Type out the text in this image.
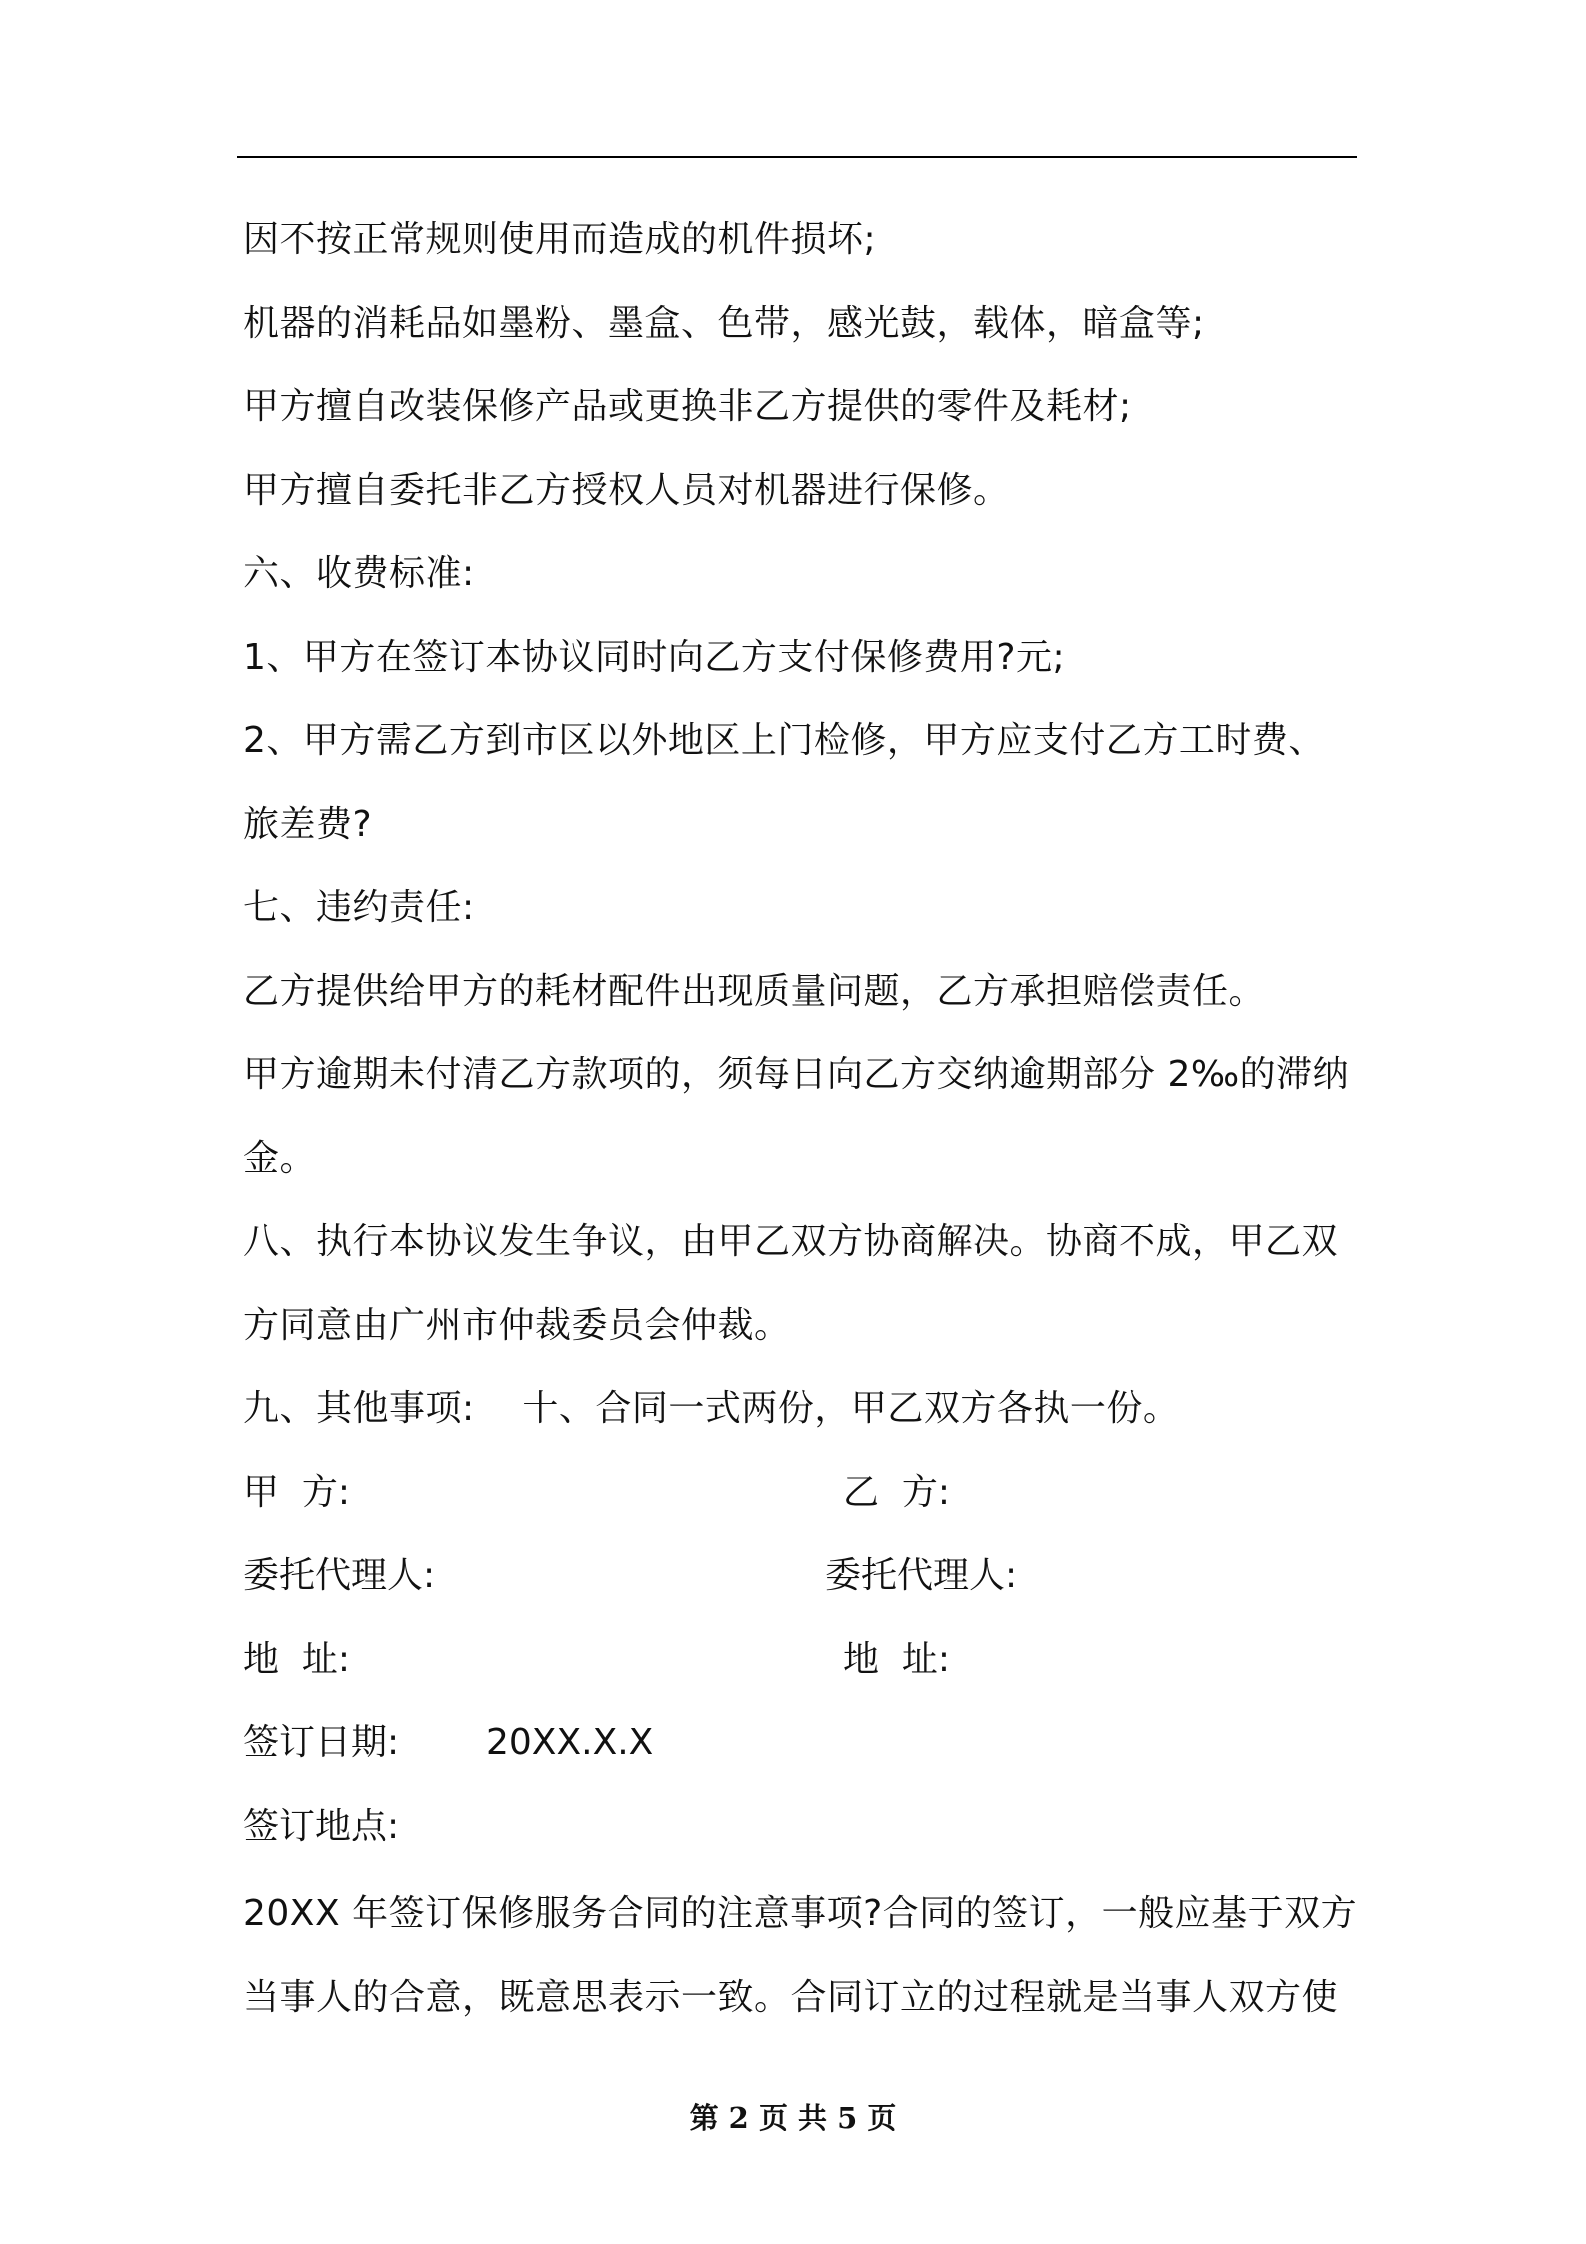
因不按正常规则使用而造成的机件损坏;
机器的消耗品如墨粉、墨盒、色带，感光鼓，载体，暗盒等;
甲方擅自改装保修产品或更换非乙方提供的零件及耗材;
甲方擅自委托非乙方授权人员对机器进行保修。
六、收费标准:
1、甲方在签订本协议同时向乙方支付保修费用?元;
2、甲方需乙方到市区以外地区上门检修，甲方应支付乙方工时费、
旅差费?
七、违约责任:
乙方提供给甲方的耗材配件出现质量问题，乙方承担赔偿责任。
甲方逾期未付清乙方款项的，须每日向乙方交纳逾期部分 2‰的滞纳
金。
八、执行本协议发生争议，由甲乙双方协商解决。协商不成，甲乙双
方同意由广州市仲裁委员会仲裁。
九、其他事项:    十、合同一式两份，甲乙双方各执一份。
甲  方:	乙  方:
委托代理人:	委托代理人:
地  址:	地  址:
签订日期: 20XX.X.X
签订地点:
20XX 年签订保修服务合同的注意事项?合同的签订，一般应基于双方
当事人的合意，既意思表示一致。合同订立的过程就是当事人双方使
第 2 页 共 5 页
